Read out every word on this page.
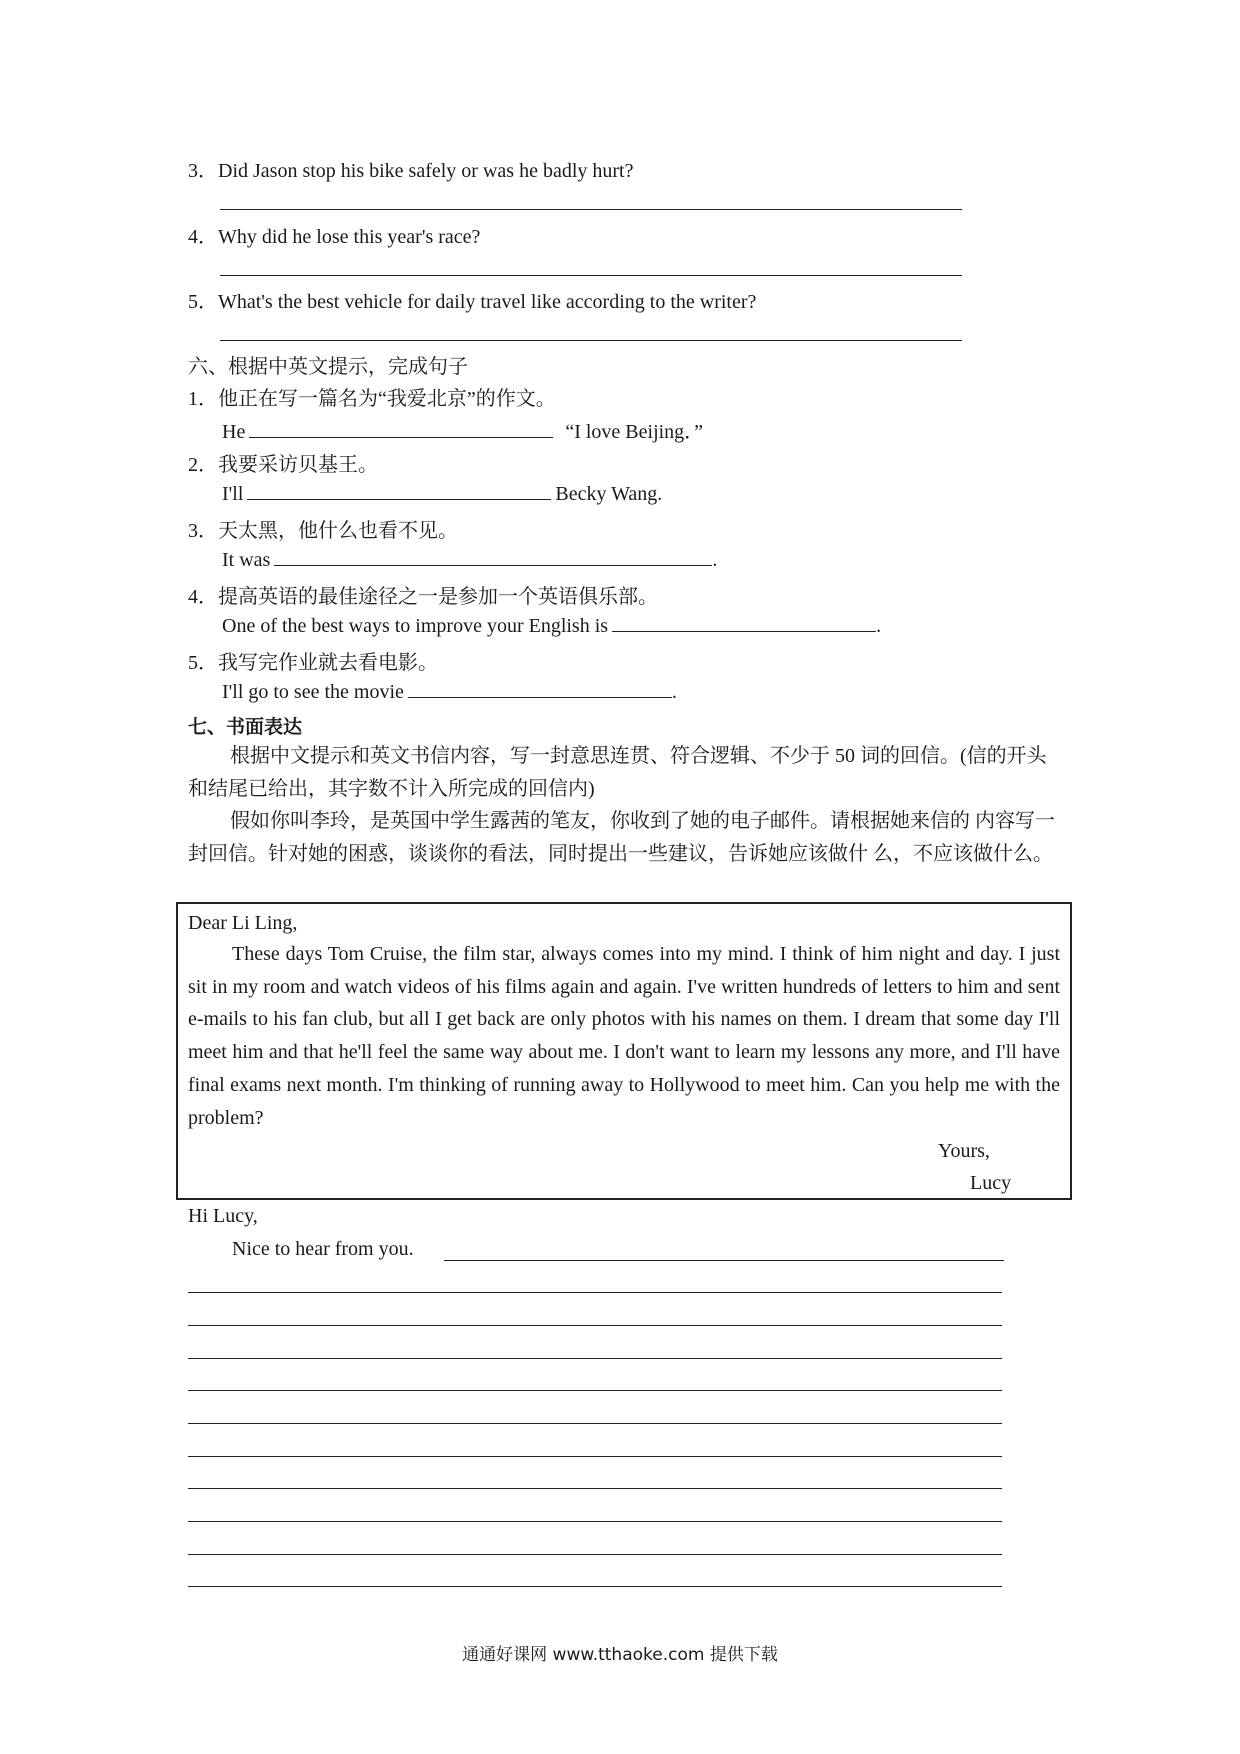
3．Did Jason stop his bike safely or was he badly hurt?
4．Why did he lose this year's race?
5．What's the best vehicle for daily travel like according to the writer?
六、根据中英文提示，完成句子
1．他正在写一篇名为“我爱北京”的作文。
He	“I love Beijing．”
2．我要采访贝基王。
I'll	Becky Wang.
3．天太黑，他什么也看不见。
It was	.
4．提高英语的最佳途径之一是参加一个英语俱乐部。
One of the best ways to improve your English is	.
5．我写完作业就去看电影。
I'll go to see the movie	.
七、书面表达
根据中文提示和英文书信内容，写一封意思连贯、符合逻辑、不少于 50 词的回信。(信的开头和结尾已给出，其字数不计入所完成的回信内)
假如你叫李玲，是英国中学生露茜的笔友，你收到了她的电子邮件。请根据她来信的 内容写一封回信。针对她的困惑，谈谈你的看法，同时提出一些建议，告诉她应该做什 么，不应该做什么。
Dear Li Ling,
These days Tom Cruise, the film star, always comes into my mind. I think of him night and day. I just sit in my room and watch videos of his films again and again. I've written hundreds of letters to him and sent e-mails to his fan club, but all I get back are only photos with his names on them. I dream that some day I'll meet him and that he'll feel the same way about me. I don't want to learn my lessons any more, and I'll have final exams next month. I'm thinking of running away to Hollywood to meet him. Can you help me with the problem?
Yours,
Lucy
Hi Lucy,
Nice to hear from you.
通通好课网 www.tthaoke.com 提供下载
